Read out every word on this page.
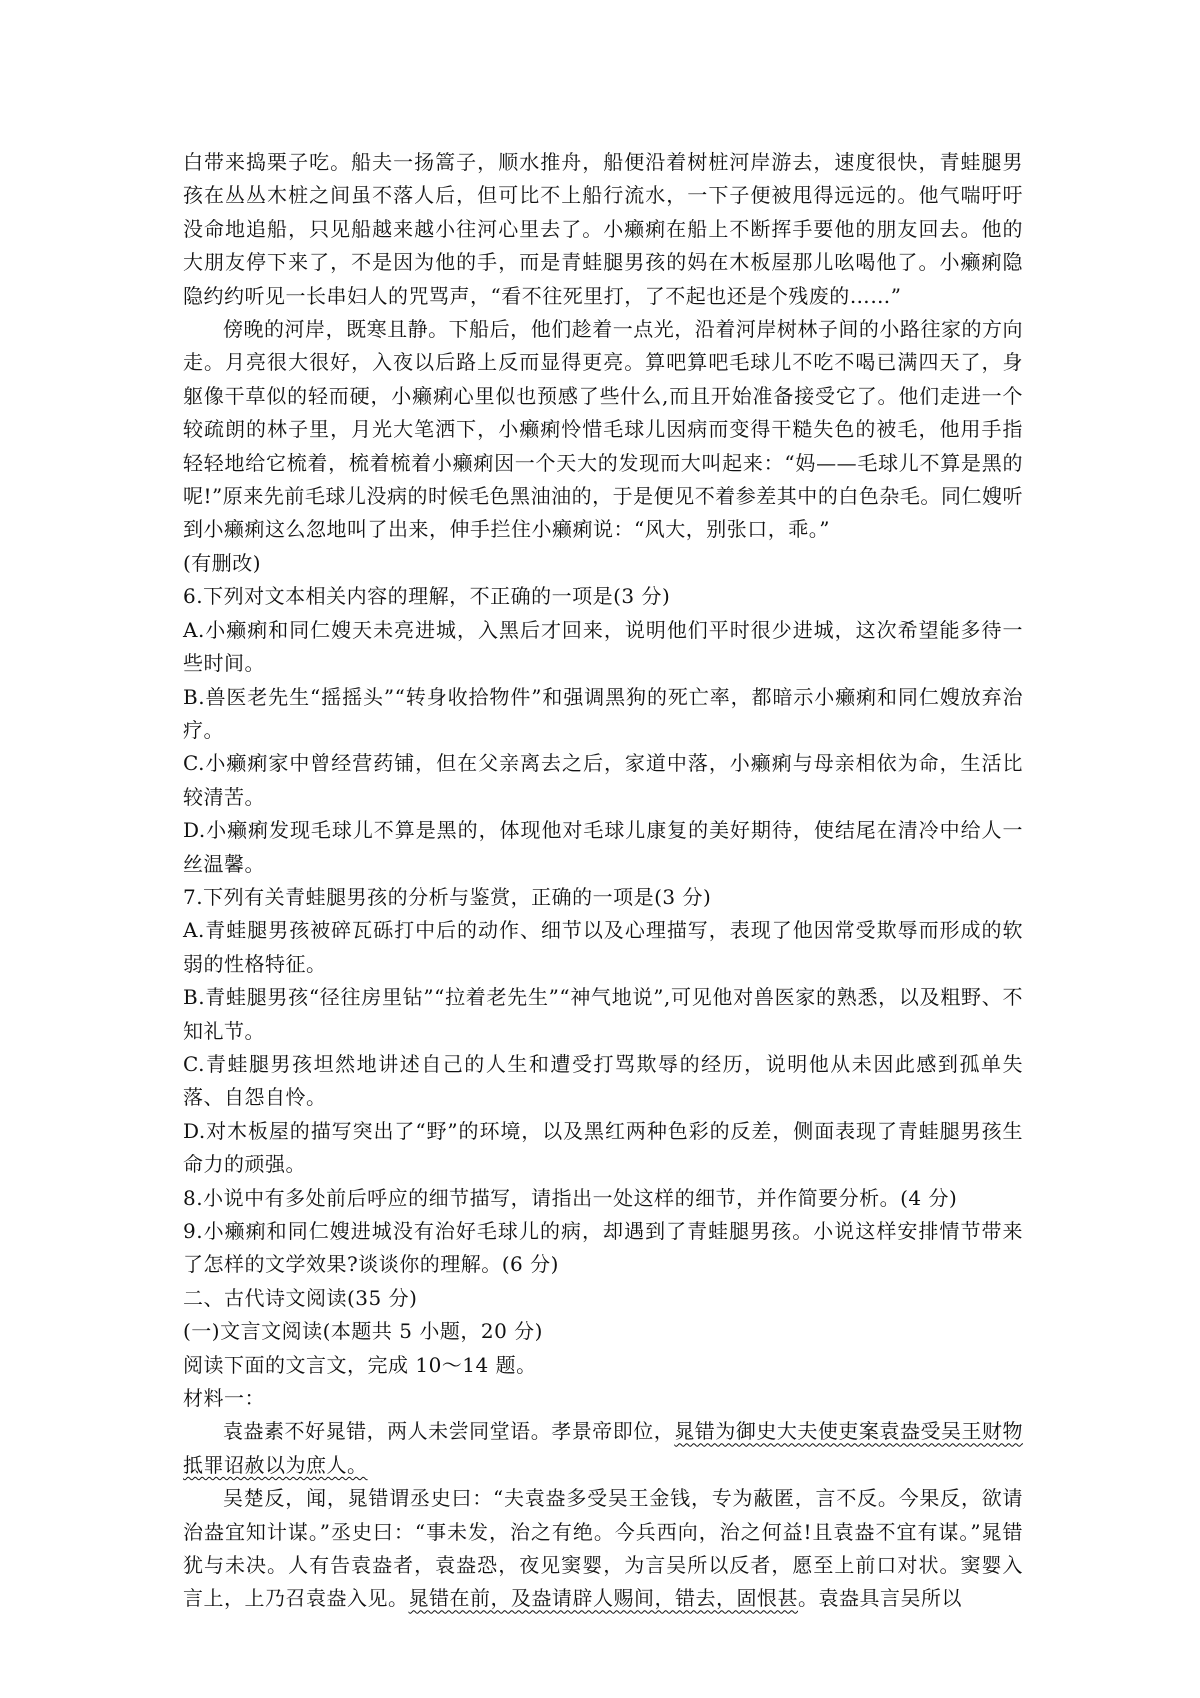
白带来捣栗子吃。船夫一扬篙子，顺水推舟，船便沿着树桩河岸游去，速度很快，青蛙腿男孩在丛丛木桩之间虽不落人后，但可比不上船行流水，一下子便被甩得远远的。他气喘吁吁没命地追船，只见船越来越小往河心里去了。小癞痢在船上不断挥手要他的朋友回去。他的大朋友停下来了，不是因为他的手，而是青蛙腿男孩的妈在木板屋那儿吆喝他了。小癞痢隐隐约约听见一长串妇人的咒骂声，“看不往死里打，了不起也还是个残废的……”

傍晚的河岸，既寒且静。下船后，他们趁着一点光，沿着河岸树林子间的小路往家的方向走。月亮很大很好，入夜以后路上反而显得更亮。算吧算吧毛球儿不吃不喝已满四天了，身躯像干草似的轻而硬，小癞痢心里似也预感了些什么,而且开始准备接受它了。他们走进一个较疏朗的林子里，月光大笔洒下，小癞痢怜惜毛球儿因病而变得干糙失色的被毛，他用手指轻轻地给它梳着，梳着梳着小癞痢因一个天大的发现而大叫起来：“妈——毛球儿不算是黑的呢!”原来先前毛球儿没病的时候毛色黑油油的，于是便见不着参差其中的白色杂毛。同仁嫂听到小癞痢这么忽地叫了出来，伸手拦住小癞痢说：“风大，别张口，乖。”

(有删改)

6.下列对文本相关内容的理解，不正确的一项是(3 分)

A.小癞痢和同仁嫂天未亮进城，入黑后才回来，说明他们平时很少进城，这次希望能多待一些时间。

B.兽医老先生“摇摇头”“转身收拾物件”和强调黑狗的死亡率，都暗示小癞痢和同仁嫂放弃治疗。

C.小癞痢家中曾经营药铺，但在父亲离去之后，家道中落，小癞痢与母亲相依为命，生活比较清苦。

D.小癞痢发现毛球儿不算是黑的，体现他对毛球儿康复的美好期待，使结尾在清冷中给人一丝温馨。

7.下列有关青蛙腿男孩的分析与鉴赏，正确的一项是(3 分)

A.青蛙腿男孩被碎瓦砾打中后的动作、细节以及心理描写，表现了他因常受欺辱而形成的软弱的性格特征。

B.青蛙腿男孩“径往房里钻”“拉着老先生”“神气地说”,可见他对兽医家的熟悉，以及粗野、不知礼节。

C.青蛙腿男孩坦然地讲述自己的人生和遭受打骂欺辱的经历，说明他从未因此感到孤单失落、自怨自怜。

D.对木板屋的描写突出了“野”的环境，以及黑红两种色彩的反差，侧面表现了青蛙腿男孩生命力的顽强。

8.小说中有多处前后呼应的细节描写，请指出一处这样的细节，并作简要分析。(4 分)

9.小癞痢和同仁嫂进城没有治好毛球儿的病，却遇到了青蛙腿男孩。小说这样安排情节带来了怎样的文学效果?谈谈你的理解。(6 分)

二、古代诗文阅读(35 分)

(一)文言文阅读(本题共 5 小题，20 分)

阅读下面的文言文，完成 10～14 题。

材料一：

袁盎素不好晁错，两人未尝同堂语。孝景帝即位，晁错为御史大夫使吏案袁盎受吴王财物抵罪诏赦以为庶人。

吴楚反，闻，晁错谓丞史曰：“夫袁盎多受吴王金钱，专为蔽匿，言不反。今果反，欲请治盎宜知计谋。”丞史曰：“事未发，治之有绝。今兵西向，治之何益!且袁盎不宜有谋。”晁错犹与未决。人有告袁盎者，袁盎恐，夜见窦婴，为言吴所以反者，愿至上前口对状。窦婴入言上，上乃召袁盎入见。晁错在前，及盎请辟人赐间，错去，固恨甚。袁盎具言吴所以
